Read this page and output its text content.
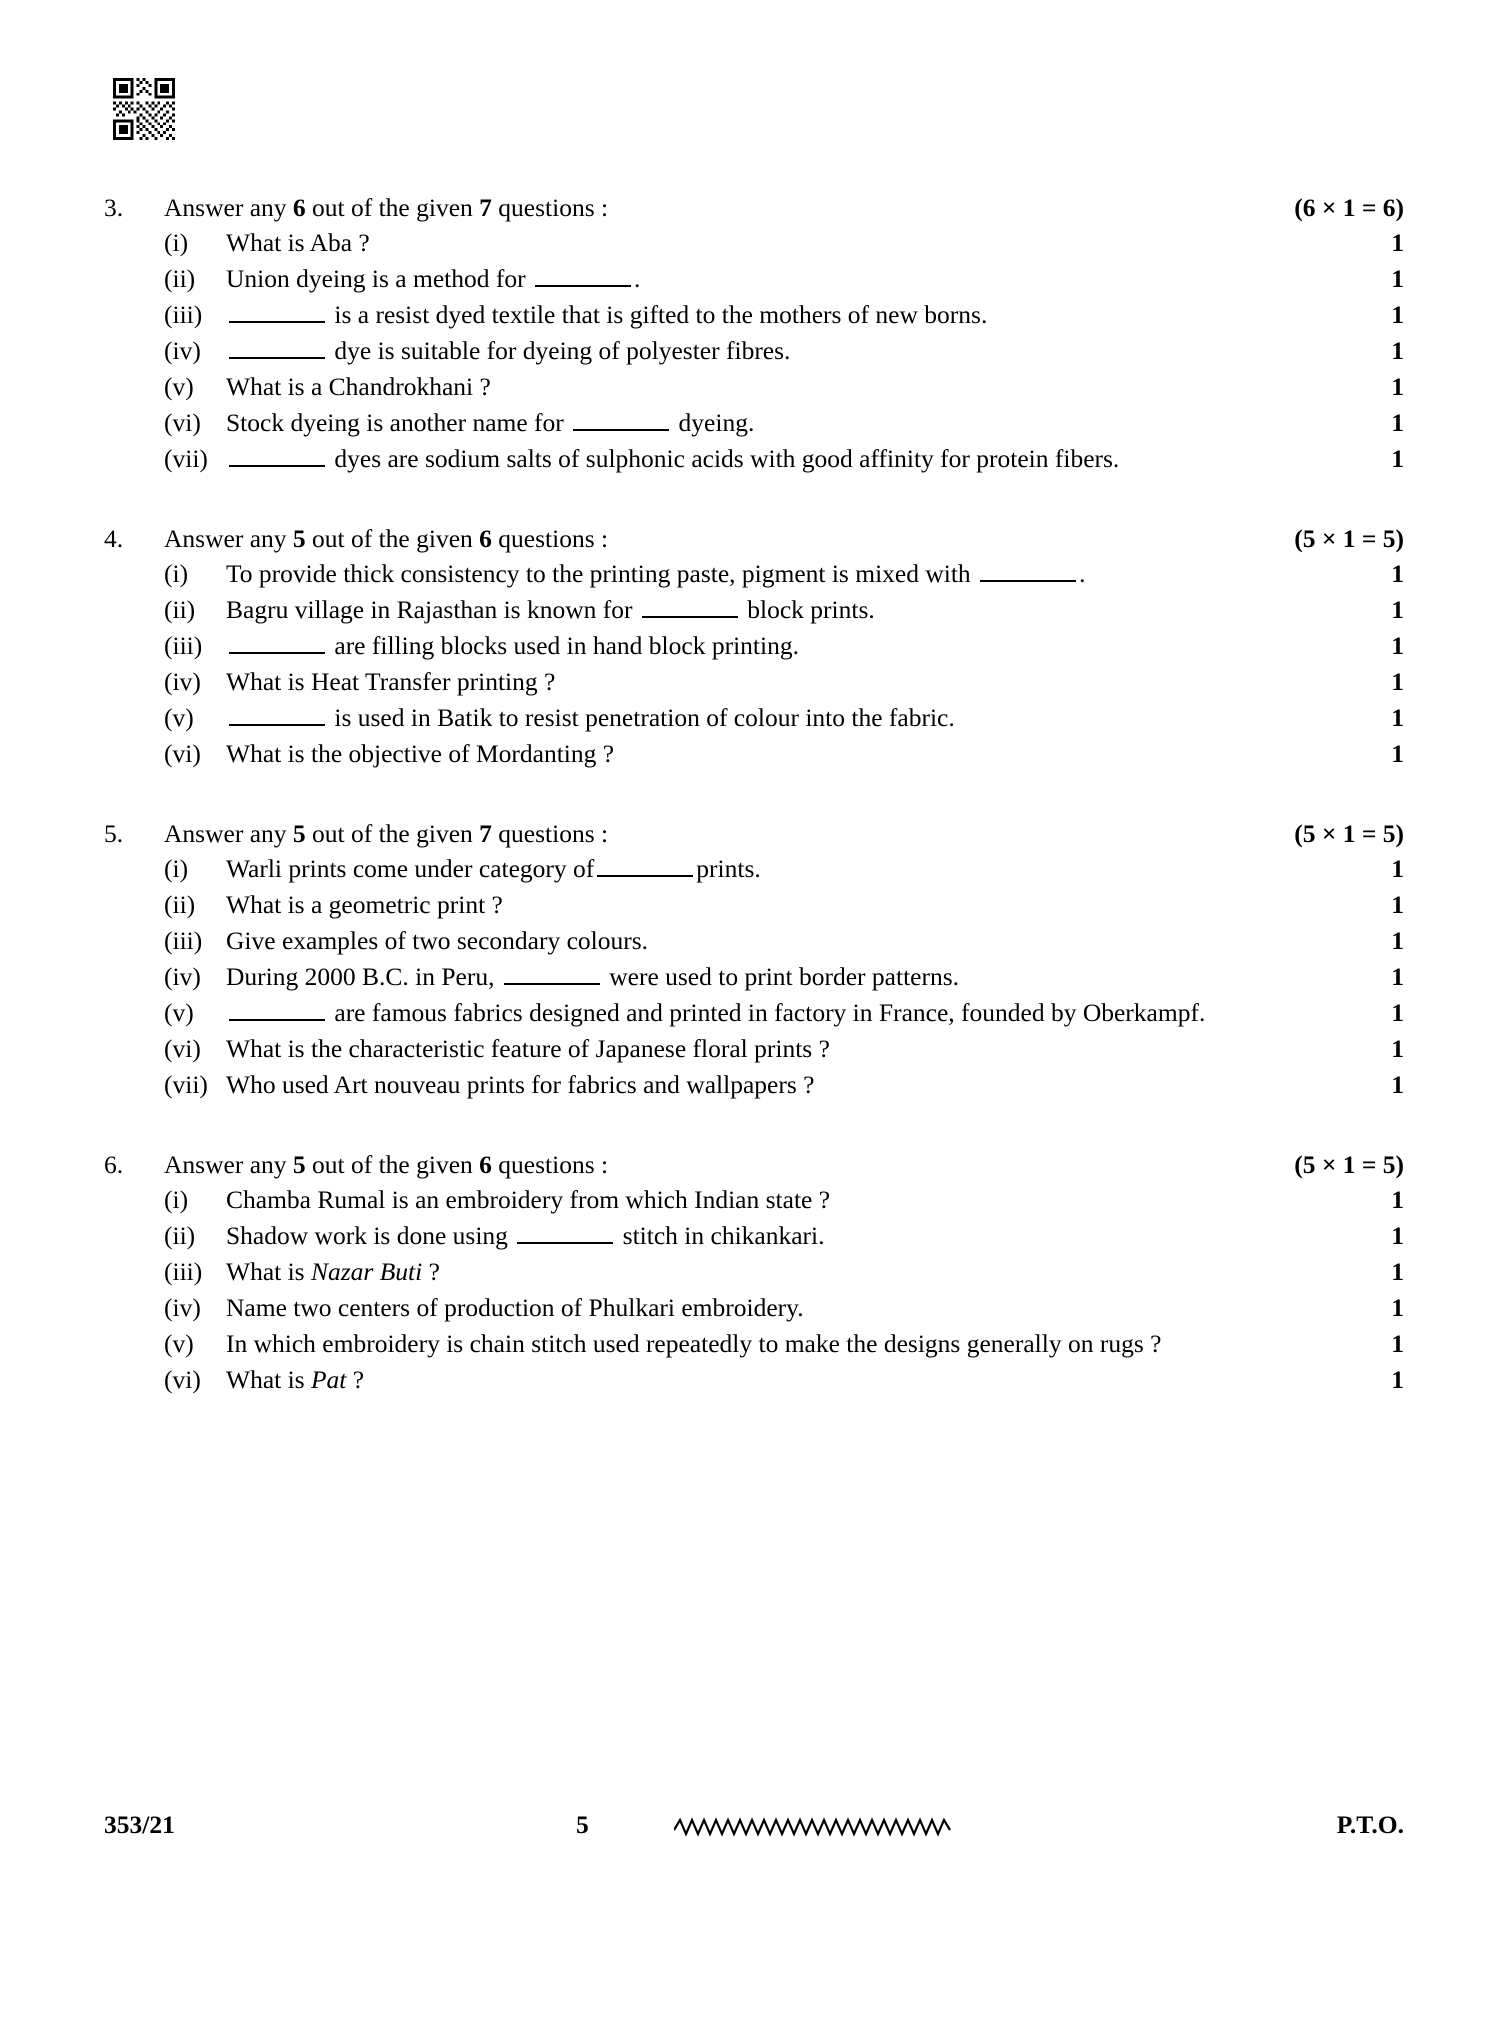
3.	Answer any 6 out of the given 7 questions :	(6 × 1 = 6)
(i)	What is Aba ?	1
(ii)	Union dyeing is a method for	.	1
(iii)	is a resist dyed textile that is gifted to the mothers of new borns.	1
(iv)	dye is suitable for dyeing of polyester fibres.	1
(v)	What is a Chandrokhani ?	1
(vi) Stock dyeing is another name for	dyeing.	1
(vii)	dyes are sodium salts of sulphonic acids with good affinity for protein fibers.	1
4.	Answer any 5 out of the given 6 questions :	(5 × 1 = 5)
(i)	To provide thick consistency to the printing paste, pigment is mixed with	.	1
(ii)	Bagru village in Rajasthan is known for	block prints.	1
(iii)	are filling blocks used in hand block printing.	1
(iv) What is Heat Transfer printing ?	1
(v)	is used in Batik to resist penetration of colour into the fabric.	1
(vi) What is the objective of Mordanting ?	1
5.	Answer any 5 out of the given 7 questions :	(5 × 1 = 5)
(i)	Warli prints come under category of	prints.	1
(ii)	What is a geometric print ?	1
(iii) Give examples of two secondary colours.	1
(iv) During 2000 B.C. in Peru,	were used to print border patterns.	1
(v)	are famous fabrics designed and printed in factory in France, founded by Oberkampf.	1
(vi) What is the characteristic feature of Japanese floral prints ?	1
(vii) Who used Art nouveau prints for fabrics and wallpapers ?	1
6.	Answer any 5 out of the given 6 questions :	(5 × 1 = 5)
(i)	Chamba Rumal is an embroidery from which Indian state ?	1
(ii)	Shadow work is done using	stitch in chikankari.	1
(iii) What is Nazar Buti ?	1
(iv) Name two centers of production of Phulkari embroidery.	1
(v)	In which embroidery is chain stitch used repeatedly to make the designs generally on rugs ?	1
(vi) What is Pat ?	1
353/21	5	P.T.O.
